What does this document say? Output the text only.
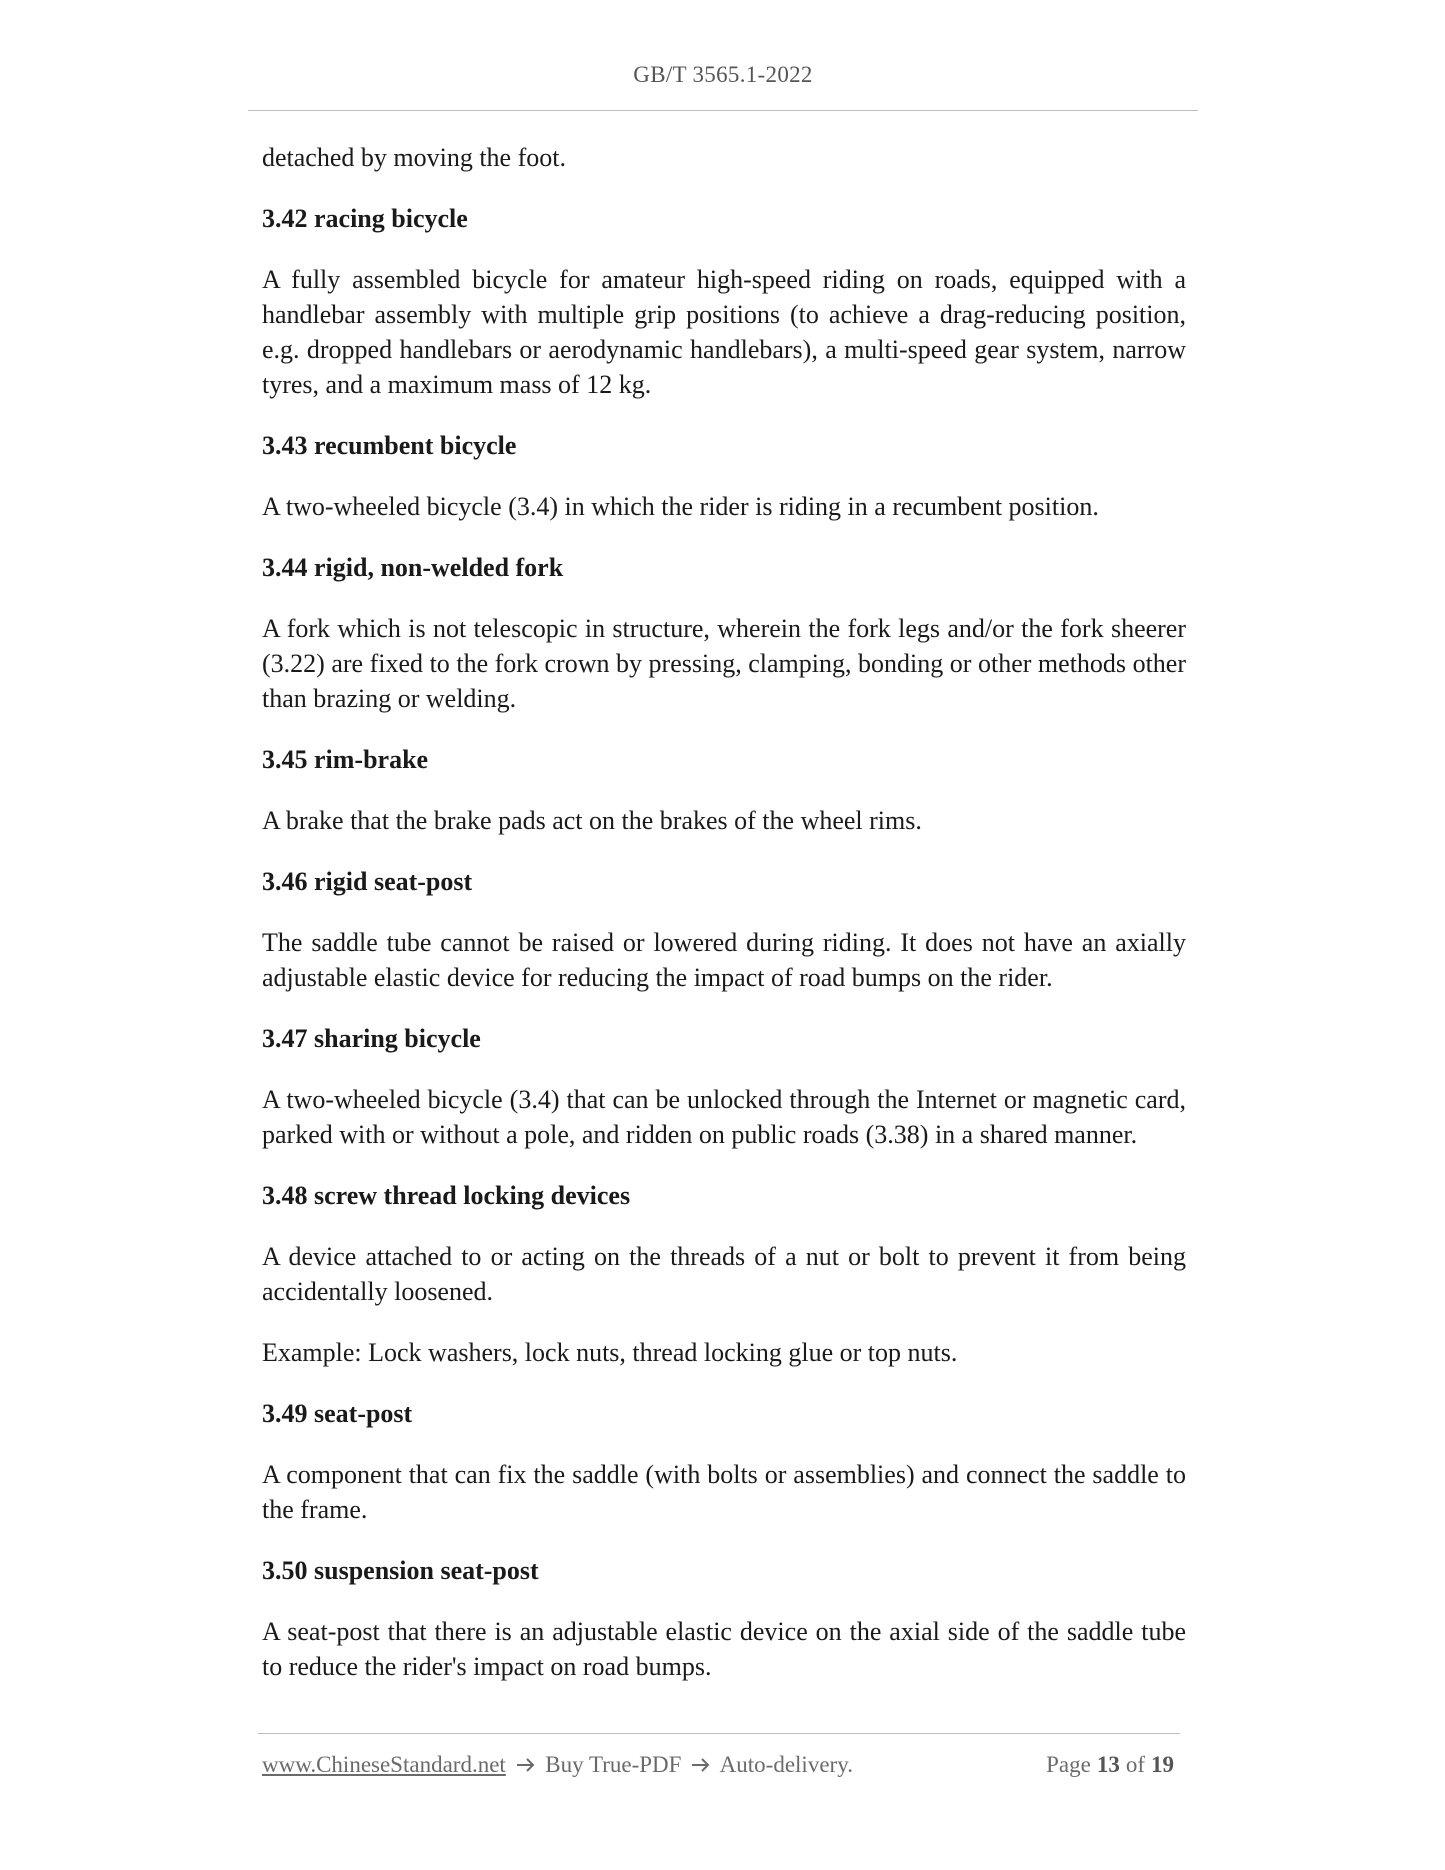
GB/T 3565.1-2022
detached by moving the foot.
3.42 racing bicycle
A fully assembled bicycle for amateur high-speed riding on roads, equipped with a handlebar assembly with multiple grip positions (to achieve a drag-reducing position, e.g. dropped handlebars or aerodynamic handlebars), a multi-speed gear system, narrow tyres, and a maximum mass of 12 kg.
3.43 recumbent bicycle
A two-wheeled bicycle (3.4) in which the rider is riding in a recumbent position.
3.44 rigid, non-welded fork
A fork which is not telescopic in structure, wherein the fork legs and/or the fork sheerer (3.22) are fixed to the fork crown by pressing, clamping, bonding or other methods other than brazing or welding.
3.45 rim-brake
A brake that the brake pads act on the brakes of the wheel rims.
3.46 rigid seat-post
The saddle tube cannot be raised or lowered during riding. It does not have an axially adjustable elastic device for reducing the impact of road bumps on the rider.
3.47 sharing bicycle
A two-wheeled bicycle (3.4) that can be unlocked through the Internet or magnetic card, parked with or without a pole, and ridden on public roads (3.38) in a shared manner.
3.48 screw thread locking devices
A device attached to or acting on the threads of a nut or bolt to prevent it from being accidentally loosened.
Example: Lock washers, lock nuts, thread locking glue or top nuts.
3.49 seat-post
A component that can fix the saddle (with bolts or assemblies) and connect the saddle to the frame.
3.50 suspension seat-post
A seat-post that there is an adjustable elastic device on the axial side of the saddle tube to reduce the rider's impact on road bumps.
www.ChineseStandard.net Buy True-PDF Auto-delivery.	Page 13 of 19
